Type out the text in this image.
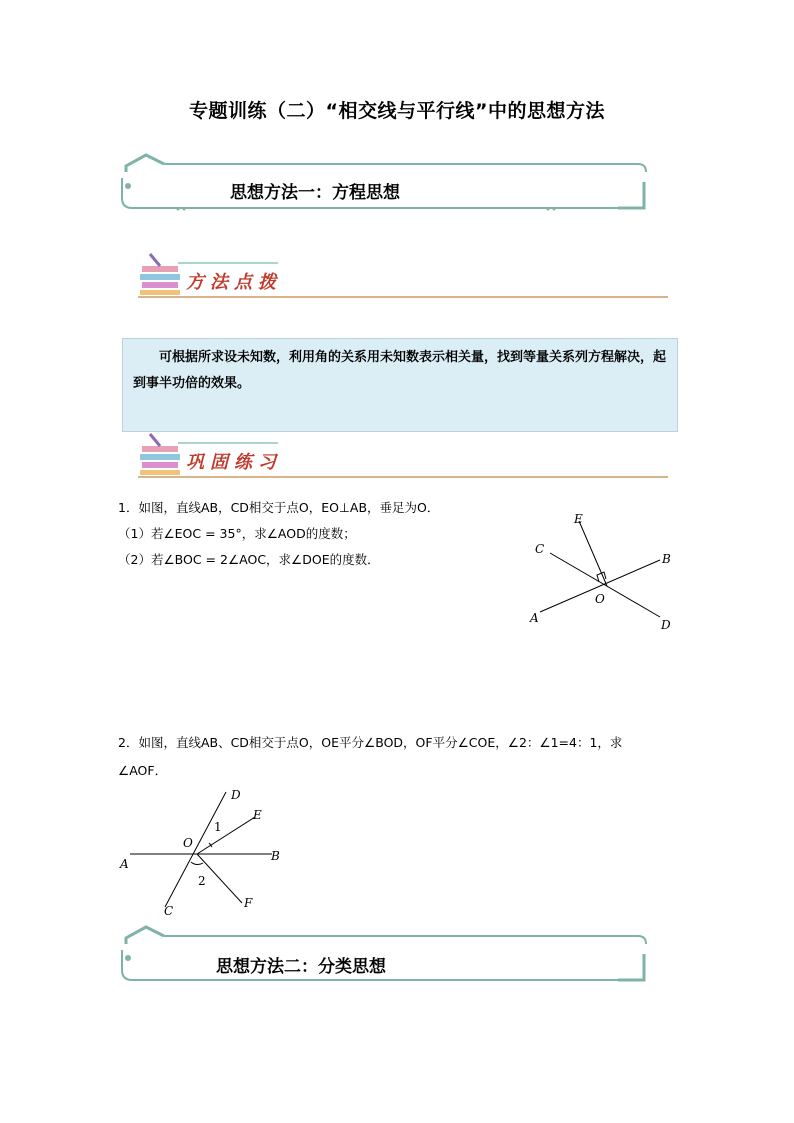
专题训练（二）“相交线与平行线”中的思想方法
思想方法一：方程思想
方法点拨

可根据所求设未知数，利用角的关系用未知数表示相关量，找到等量关系列方程解决，起到事半功倍的效果。

巩固练习
1．如图，直线AB，CD相交于点O，EO⊥AB，垂足为O．
（1）若∠EOC = 35°，求∠AOD的度数；
（2）若∠BOC = 2∠AOC，求∠DOE的度数．
E
C
B
O
A	D
2．如图，直线AB、CD相交于点O，OE平分∠BOD，OF平分∠COE，∠2：∠1=4：1，求
∠AOF．
D
E
1
O
A
B
2
C
F
思想方法二：分类思想
